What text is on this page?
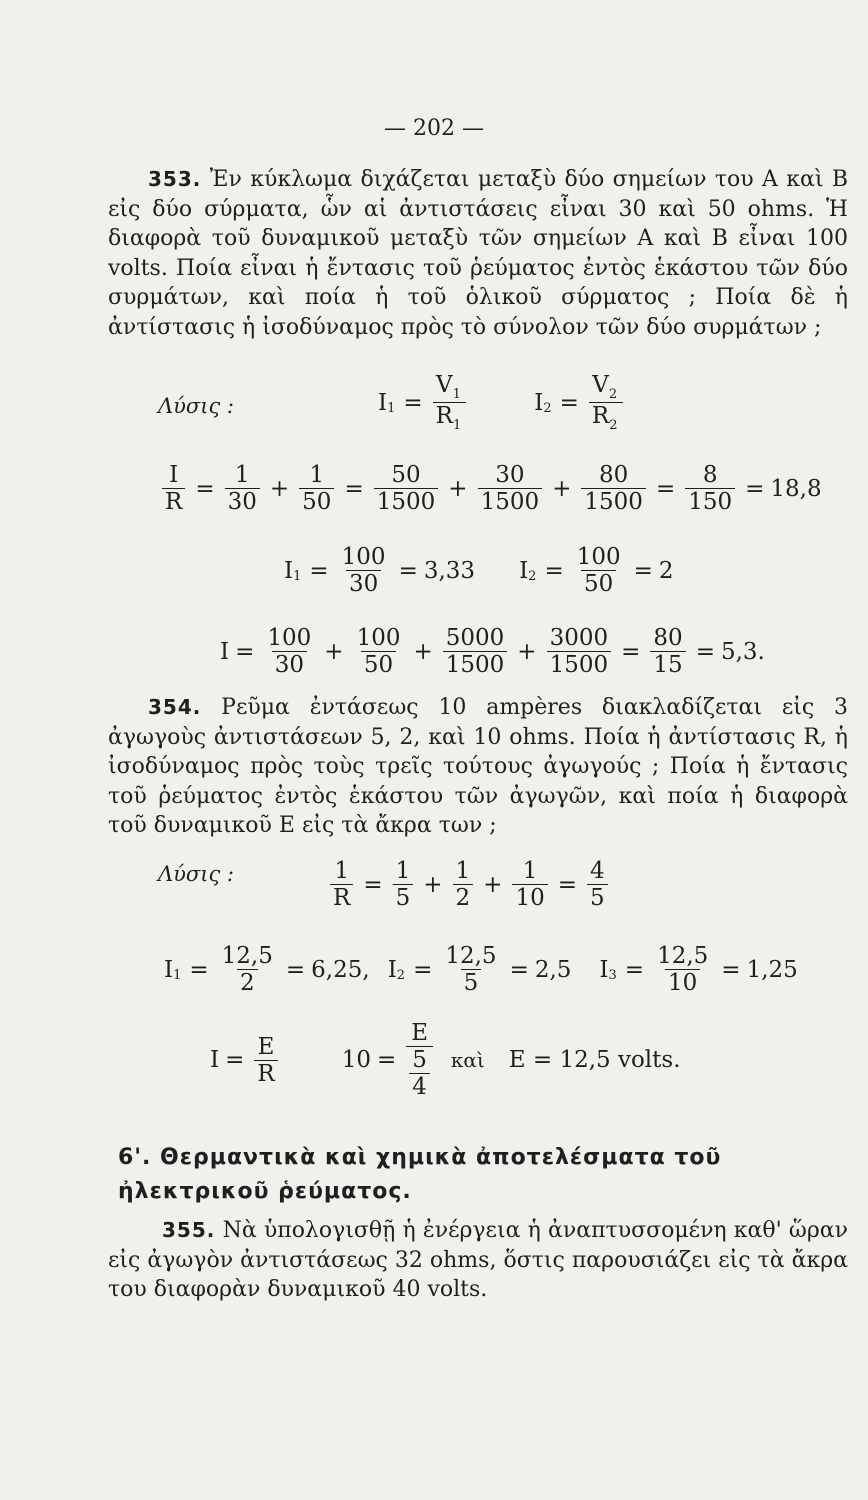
— 202 —
353. Ἐν κύκλωμα διχάζεται μεταξὺ δύο σημείων του Α καὶ Β εἰς δύο σύρματα, ὧν αἱ ἀντιστάσεις εἶναι 30 καὶ 50 ohms. Ἡ διαφορὰ τοῦ δυναμικοῦ μεταξὺ τῶν σημείων Α καὶ Β εἶναι 100 volts. Ποία εἶναι ἡ ἔντασις τοῦ ῥεύματος ἐντὸς ἑκάστου τῶν δύο συρμάτων, καὶ ποία ἡ τοῦ ὁλικοῦ σύρματος ; Ποία δὲ ἡ ἀντίστασις ἡ ἰσοδύναμος πρὸς τὸ σύνολον τῶν δύο συρμάτων ;
Λύσις :	I $1 = \frac{V_1}{R_1}$	I $2 = \frac{V_2}{R_2}$
$\frac{I}{R} = \frac{1}{30} + \frac{1}{50} = \frac{50}{1500} + \frac{30}{1500} + \frac{80}{1500} = \frac{8}{150} = 18,8$
I $1 = \frac{100}{30} = 3,33$ I $2 = \frac{100}{50} = 2$
$I = \frac{100}{30} + \frac{100}{50} + \frac{5000}{1500} + \frac{3000}{1500} = \frac{80}{15} = 5,3$.
354. Ρεῦμα ἐντάσεως 10 ampères διακλαδίζεται εἰς 3 ἀγωγοὺς ἀντιστάσεων 5, 2, καὶ 10 ohms. Ποία ἡ ἀντίστασις R, ἡ ἰσοδύναμος πρὸς τοὺς τρεῖς τούτους ἀγωγούς ; Ποία ἡ ἔντασις τοῦ ῥεύματος ἐντὸς ἑκάστου τῶν ἀγωγῶν, καὶ ποία ἡ διαφορὰ τοῦ δυναμικοῦ Ε εἰς τὰ ἄκρα των ;
Λύσις :	$\frac{1}{R} = \frac{1}{5} + \frac{1}{2} + \frac{1}{10} = \frac{4}{5}$
I $1 = \frac{12,5}{2} = 6,25$, I $2 = \frac{12,5}{5} = 2,5$ I $3 = \frac{12,5}{10} = 1,25$
$I = \frac{E}{R}$	$10 = \frac{E}{\frac{5}{4}}$ καὶ E = 12,5 volts.
6'. Θερμαντικὰ καὶ χημικὰ ἀποτελέσματα τοῦ ἠλεκτρικοῦ ῥεύματος.
355. Νὰ ὑπολογισθῇ ἡ ἐνέργεια ἡ ἀναπτυσσομένη καθ' ὥραν εἰς ἀγωγὸν ἀντιστάσεως 32 ohms, ὅστις παρουσιάζει εἰς τὰ ἄκρα του διαφορὰν δυναμικοῦ 40 volts.
